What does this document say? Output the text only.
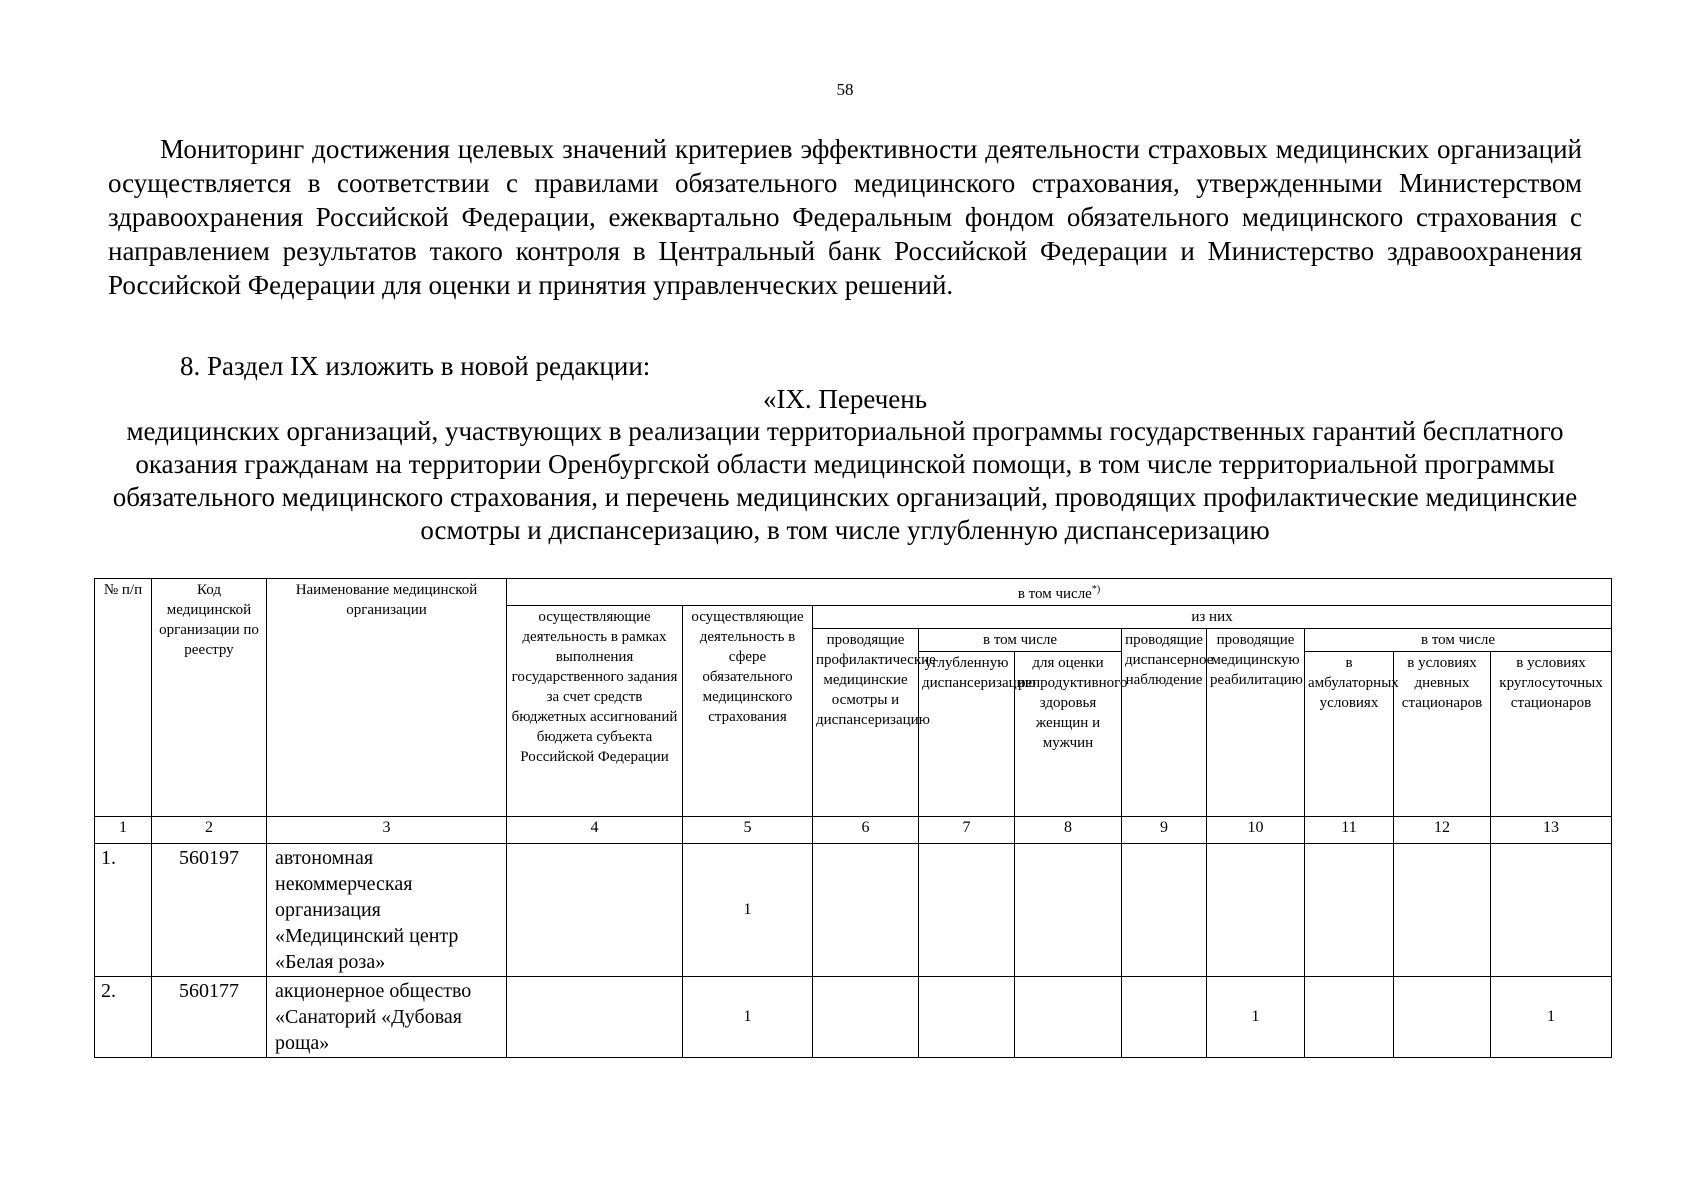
58

Мониторинг достижения целевых значений критериев эффективности деятельности страховых медицинских организаций осуществляется в соответствии с правилами обязательного медицинского страхования, утвержденными Министерством здравоохранения Российской Федерации, ежеквартально Федеральным фондом обязательного медицинского страхования с направлением результатов такого контроля в Центральный банк Российской Федерации и Министерство здравоохранения Российской Федерации для оценки и принятия управленческих решений.

8. Раздел IX изложить в новой редакции:
«IX. Перечень

медицинских организаций, участвующих в реализации территориальной программы государственных гарантий бесплатного оказания гражданам на территории Оренбургской области медицинской помощи, в том числе территориальной программы обязательного медицинского страхования, и перечень медицинских организаций, проводящих профилактические медицинские осмотры и диспансеризацию, в том числе углубленную диспансеризацию

№ п/п	Код медицинской организации по реестру	Наименование медицинской организации	в том числе*)
			осуществляющие деятельность в рамках выполнения государственного задания за счет средств бюджетных ассигнований бюджета субъекта Российской Федерации	осуществляющие деятельность в сфере обязательного медицинского страхования	из них							
					проводящие профилактические медицинские осмотры и диспансеризацию	в том числе		проводящие диспансерное наблюдение	проводящие медицинскую реабилитацию	в том числе		
						углубленную диспансеризацию	для оценки репродуктивного здоровья женщин и мужчин			в амбулаторных условиях	в условиях дневных стационаров	в условиях круглосуточных стационаров
1	2	3	4	5	6	7	8	9	10	11	12	13
1.	560197	автономная некоммерческая организация «Медицинский центр «Белая роза»		1								
2.	560177	акционерное общество «Санаторий «Дубовая роща»		1					1			1
